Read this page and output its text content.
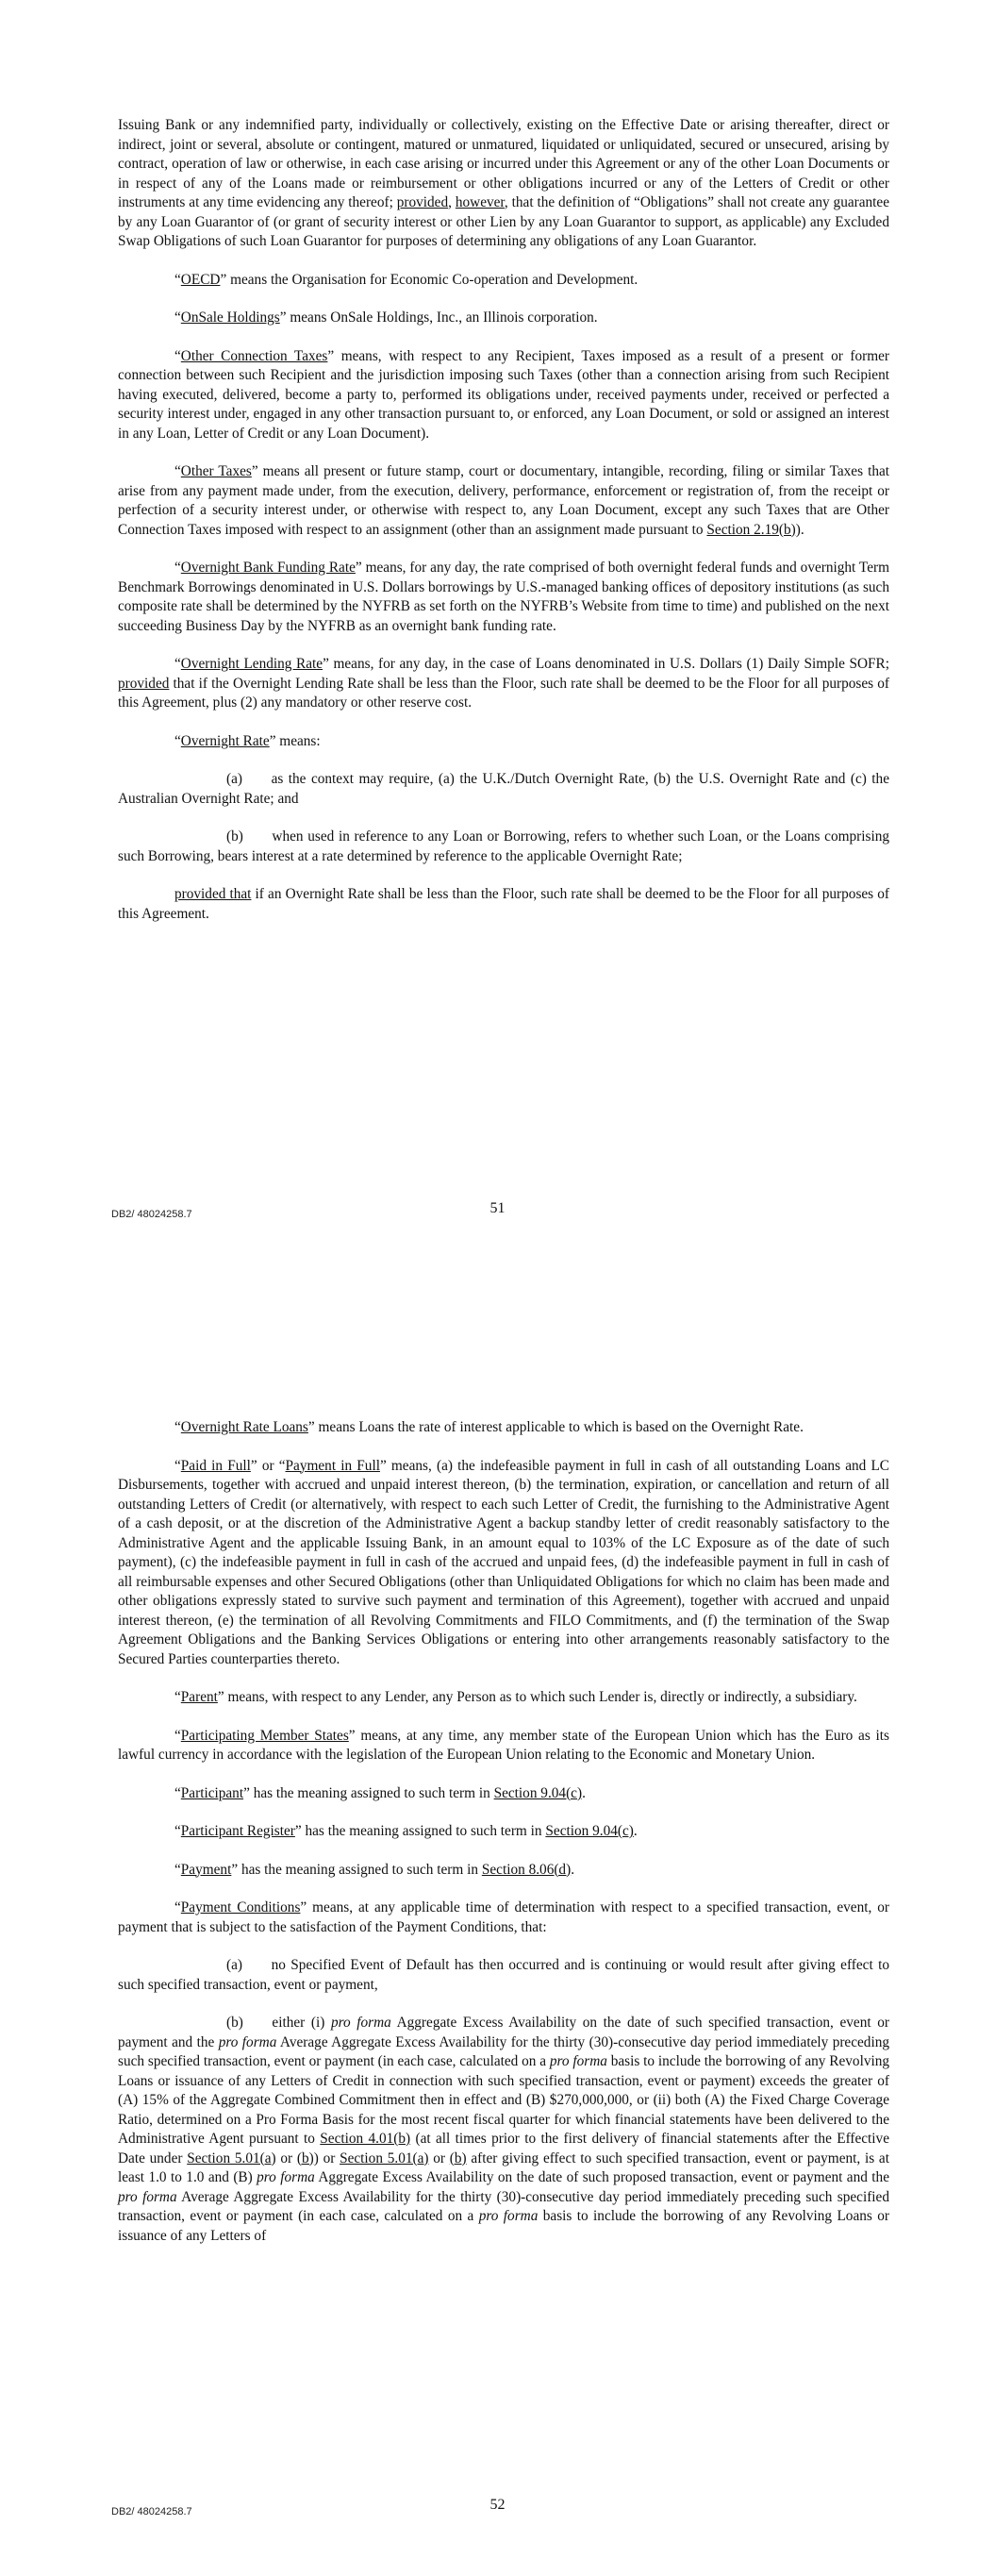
Issuing Bank or any indemnified party, individually or collectively, existing on the Effective Date or arising thereafter, direct or indirect, joint or several, absolute or contingent, matured or unmatured, liquidated or unliquidated, secured or unsecured, arising by contract, operation of law or otherwise, in each case arising or incurred under this Agreement or any of the other Loan Documents or in respect of any of the Loans made or reimbursement or other obligations incurred or any of the Letters of Credit or other instruments at any time evidencing any thereof; provided, however, that the definition of “Obligations” shall not create any guarantee by any Loan Guarantor of (or grant of security interest or other Lien by any Loan Guarantor to support, as applicable) any Excluded Swap Obligations of such Loan Guarantor for purposes of determining any obligations of any Loan Guarantor.

“OECD” means the Organisation for Economic Co-operation and Development.

“OnSale Holdings” means OnSale Holdings, Inc., an Illinois corporation.

“Other Connection Taxes” means, with respect to any Recipient, Taxes imposed as a result of a present or former connection between such Recipient and the jurisdiction imposing such Taxes (other than a connection arising from such Recipient having executed, delivered, become a party to, performed its obligations under, received payments under, received or perfected a security interest under, engaged in any other transaction pursuant to, or enforced, any Loan Document, or sold or assigned an interest in any Loan, Letter of Credit or any Loan Document).

“Other Taxes” means all present or future stamp, court or documentary, intangible, recording, filing or similar Taxes that arise from any payment made under, from the execution, delivery, performance, enforcement or registration of, from the receipt or perfection of a security interest under, or otherwise with respect to, any Loan Document, except any such Taxes that are Other Connection Taxes imposed with respect to an assignment (other than an assignment made pursuant to Section 2.19(b)).

“Overnight Bank Funding Rate” means, for any day, the rate comprised of both overnight federal funds and overnight Term Benchmark Borrowings denominated in U.S. Dollars borrowings by U.S.-managed banking offices of depository institutions (as such composite rate shall be determined by the NYFRB as set forth on the NYFRB’s Website from time to time) and published on the next succeeding Business Day by the NYFRB as an overnight bank funding rate.

“Overnight Lending Rate” means, for any day, in the case of Loans denominated in U.S. Dollars (1) Daily Simple SOFR; provided that if the Overnight Lending Rate shall be less than the Floor, such rate shall be deemed to be the Floor for all purposes of this Agreement, plus (2) any mandatory or other reserve cost.

“Overnight Rate” means:

(a)  as the context may require, (a) the U.K./Dutch Overnight Rate, (b) the U.S. Overnight Rate and (c) the Australian Overnight Rate; and

(b)  when used in reference to any Loan or Borrowing, refers to whether such Loan, or the Loans comprising such Borrowing, bears interest at a rate determined by reference to the applicable Overnight Rate;

provided that if an Overnight Rate shall be less than the Floor, such rate shall be deemed to be the Floor for all purposes of this Agreement.

DB2/ 48024258.7	51

“Overnight Rate Loans” means Loans the rate of interest applicable to which is based on the Overnight Rate.

“Paid in Full” or “Payment in Full” means, (a) the indefeasible payment in full in cash of all outstanding Loans and LC Disbursements, together with accrued and unpaid interest thereon, (b) the termination, expiration, or cancellation and return of all outstanding Letters of Credit (or alternatively, with respect to each such Letter of Credit, the furnishing to the Administrative Agent of a cash deposit, or at the discretion of the Administrative Agent a backup standby letter of credit reasonably satisfactory to the Administrative Agent and the applicable Issuing Bank, in an amount equal to 103% of the LC Exposure as of the date of such payment), (c) the indefeasible payment in full in cash of the accrued and unpaid fees, (d) the indefeasible payment in full in cash of all reimbursable expenses and other Secured Obligations (other than Unliquidated Obligations for which no claim has been made and other obligations expressly stated to survive such payment and termination of this Agreement), together with accrued and unpaid interest thereon, (e) the termination of all Revolving Commitments and FILO Commitments, and (f) the termination of the Swap Agreement Obligations and the Banking Services Obligations or entering into other arrangements reasonably satisfactory to the Secured Parties counterparties thereto.

“Parent” means, with respect to any Lender, any Person as to which such Lender is, directly or indirectly, a subsidiary.

“Participating Member States” means, at any time, any member state of the European Union which has the Euro as its lawful currency in accordance with the legislation of the European Union relating to the Economic and Monetary Union.

“Participant” has the meaning assigned to such term in Section 9.04(c).

“Participant Register” has the meaning assigned to such term in Section 9.04(c).

“Payment” has the meaning assigned to such term in Section 8.06(d).

“Payment Conditions” means, at any applicable time of determination with respect to a specified transaction, event, or payment that is subject to the satisfaction of the Payment Conditions, that:

(a)  no Specified Event of Default has then occurred and is continuing or would result after giving effect to such specified transaction, event or payment,

(b)  either (i) pro forma Aggregate Excess Availability on the date of such specified transaction, event or payment and the pro forma Average Aggregate Excess Availability for the thirty (30)-consecutive day period immediately preceding such specified transaction, event or payment (in each case, calculated on a pro forma basis to include the borrowing of any Revolving Loans or issuance of any Letters of Credit in connection with such specified transaction, event or payment) exceeds the greater of (A) 15% of the Aggregate Combined Commitment then in effect and (B) $270,000,000, or (ii) both (A) the Fixed Charge Coverage Ratio, determined on a Pro Forma Basis for the most recent fiscal quarter for which financial statements have been delivered to the Administrative Agent pursuant to Section 4.01(b) (at all times prior to the first delivery of financial statements after the Effective Date under Section 5.01(a) or (b)) or Section 5.01(a) or (b) after giving effect to such specified transaction, event or payment, is at least 1.0 to 1.0 and (B) pro forma Aggregate Excess Availability on the date of such proposed transaction, event or payment and the pro forma Average Aggregate Excess Availability for the thirty (30)-consecutive day period immediately preceding such specified transaction, event or payment (in each case, calculated on a pro forma basis to include the borrowing of any Revolving Loans or issuance of any Letters of

DB2/ 48024258.7	52
